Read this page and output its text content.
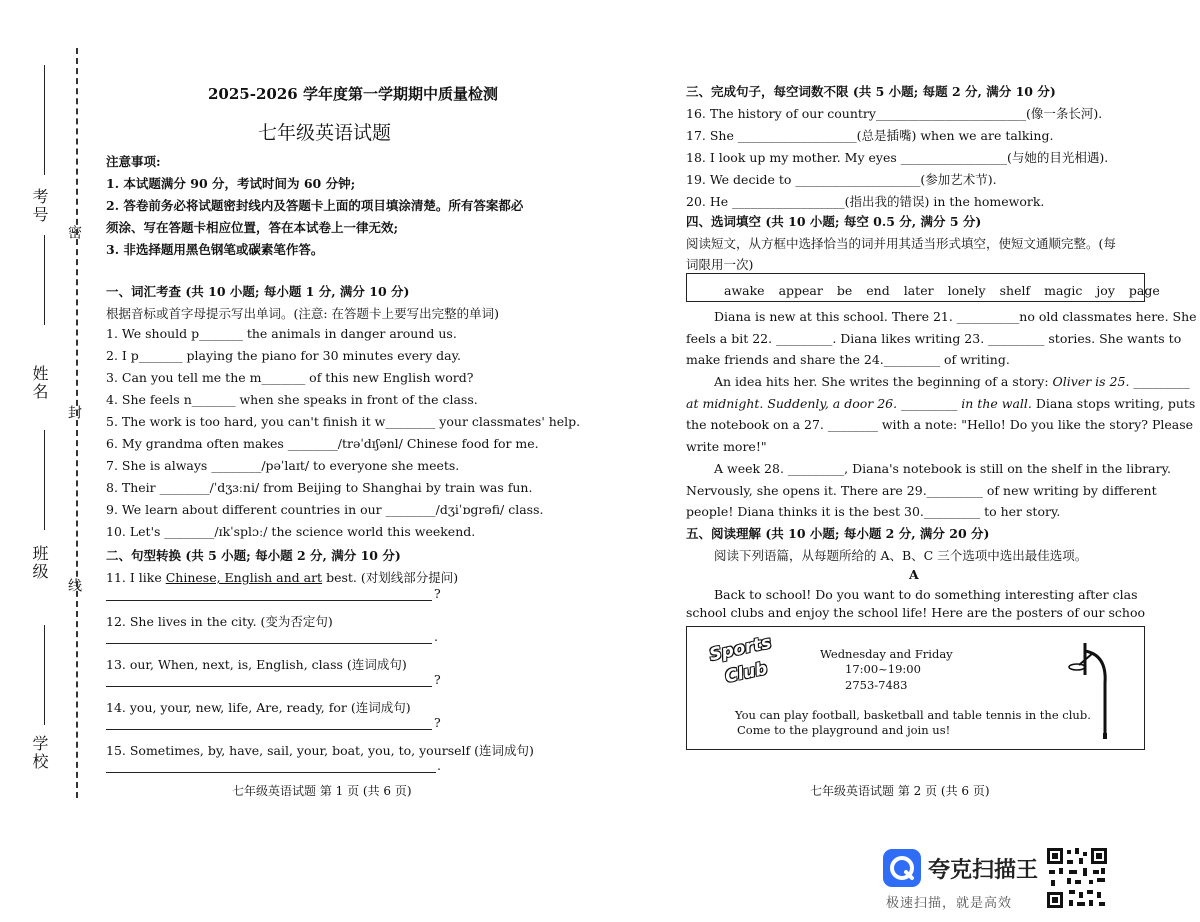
考号
姓名
班级
学校
密
封
线
2025-2026 学年度第一学期期中质量检测
七年级英语试题
注意事项:
1. 本试题满分 90 分，考试时间为 60 分钟;
2. 答卷前务必将试题密封线内及答题卡上面的项目填涂清楚。所有答案都必
须涂、写在答题卡相应位置，答在本试卷上一律无效;
3. 非选择题用黑色钢笔或碳素笔作答。
一、词汇考查 (共 10 小题; 每小题 1 分, 满分 10 分)
根据音标或首字母提示写出单词。(注意: 在答题卡上要写出完整的单词)
1. We should p_______ the animals in danger around us.
2. I p_______ playing the piano for 30 minutes every day.
3. Can you tell me the m_______ of this new English word?
4. She feels n_______ when she speaks in front of the class.
5. The work is too hard, you can't finish it w________ your classmates' help.
6. My grandma often makes ________/trəˈdɪʃənl/ Chinese food for me.
7. She is always ________/pəˈlaɪt/ to everyone she meets.
8. Their ________/ˈdʒɜːni/ from Beijing to Shanghai by train was fun.
9. We learn about different countries in our ________/dʒiˈɒgrəfi/ class.
10. Let's ________/ɪkˈsplɔː/ the science world this weekend.
二、句型转换 (共 5 小题; 每小题 2 分, 满分 10 分)
11. I like Chinese, English and art best. (对划线部分提问)
?
12. She lives in the city. (变为否定句)
.
13. our, When, next, is, English, class (连词成句)
?
14. you, your, new, life, Are, ready, for (连词成句)
?
15. Sometimes, by, have, sail, your, boat, you, to, yourself (连词成句)
.
七年级英语试题 第 1 页 (共 6 页)
三、完成句子，每空词数不限 (共 5 小题; 每题 2 分, 满分 10 分)
16. The history of our country________________________(像一条长河).
17. She ___________________(总是插嘴) when we are talking.
18. I look up my mother. My eyes _________________(与她的目光相遇).
19. We decide to ____________________(参加艺术节).
20. He __________________(指出我的错误) in the homework.
四、选词填空 (共 10 小题; 每空 0.5 分, 满分 5 分)
阅读短文，从方框中选择恰当的词并用其适当形式填空，使短文通顺完整。(每
词限用一次)
awake appear be end later lonely shelf magic joy page
Diana is new at this school. There 21. __________no old classmates here. She
feels a bit 22. _________. Diana likes writing 23. _________ stories. She wants to
make friends and share the 24._________ of writing.
An idea hits her. She writes the beginning of a story: Oliver is 25. _________
at midnight. Suddenly, a door 26. _________ in the wall. Diana stops writing, puts
the notebook on a 27. ________ with a note: "Hello! Do you like the story? Please
write more!"
A week 28. _________, Diana's notebook is still on the shelf in the library.
Nervously, she opens it. There are 29._________ of new writing by different
people! Diana thinks it is the best 30._________ to her story.
五、阅读理解 (共 10 小题; 每小题 2 分, 满分 20 分)
阅读下列语篇，从每题所给的 A、B、C 三个选项中选出最佳选项。
A
Back to school! Do you want to do something interesting after clas
school clubs and enjoy the school life! Here are the posters of our schoo
Sports
Club
Wednesday and Friday
17:00~19:00
2753-7483
You can play football, basketball and table tennis in the club.
Come to the playground and join us!
七年级英语试题 第 2 页 (共 6 页)
夸克扫描王
极速扫描，就是高效
